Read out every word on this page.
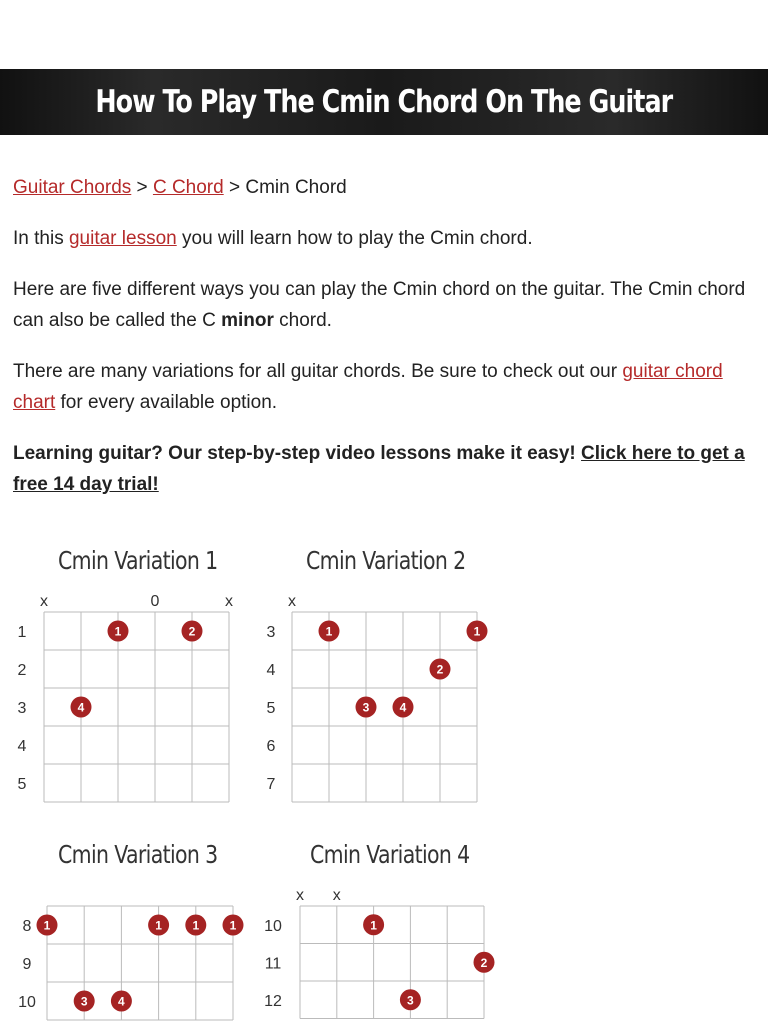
How To Play The Cmin Chord On The Guitar

Guitar Chords > C Chord > Cmin Chord

In this guitar lesson you will learn how to play the Cmin chord.

Here are five different ways you can play the Cmin chord on the guitar. The Cmin chord can also be called the C minor chord.

There are many variations for all guitar chords. Be sure to check out our guitar chord chart for every available option.

Learning guitar? Our step-by-step video lessons make it easy! Click here to get a free 14 day trial!

Cmin Variation 1	Cmin Variation 2
Cmin Variation 3	Cmin Variation 4
1
2
3
4
5
x	0	x
1	2
4
3
4
5
6
7
x
1	1
2
3	4
8
9
10
1	1	1	1
3	4
10
11
12
x x
1
2
3
